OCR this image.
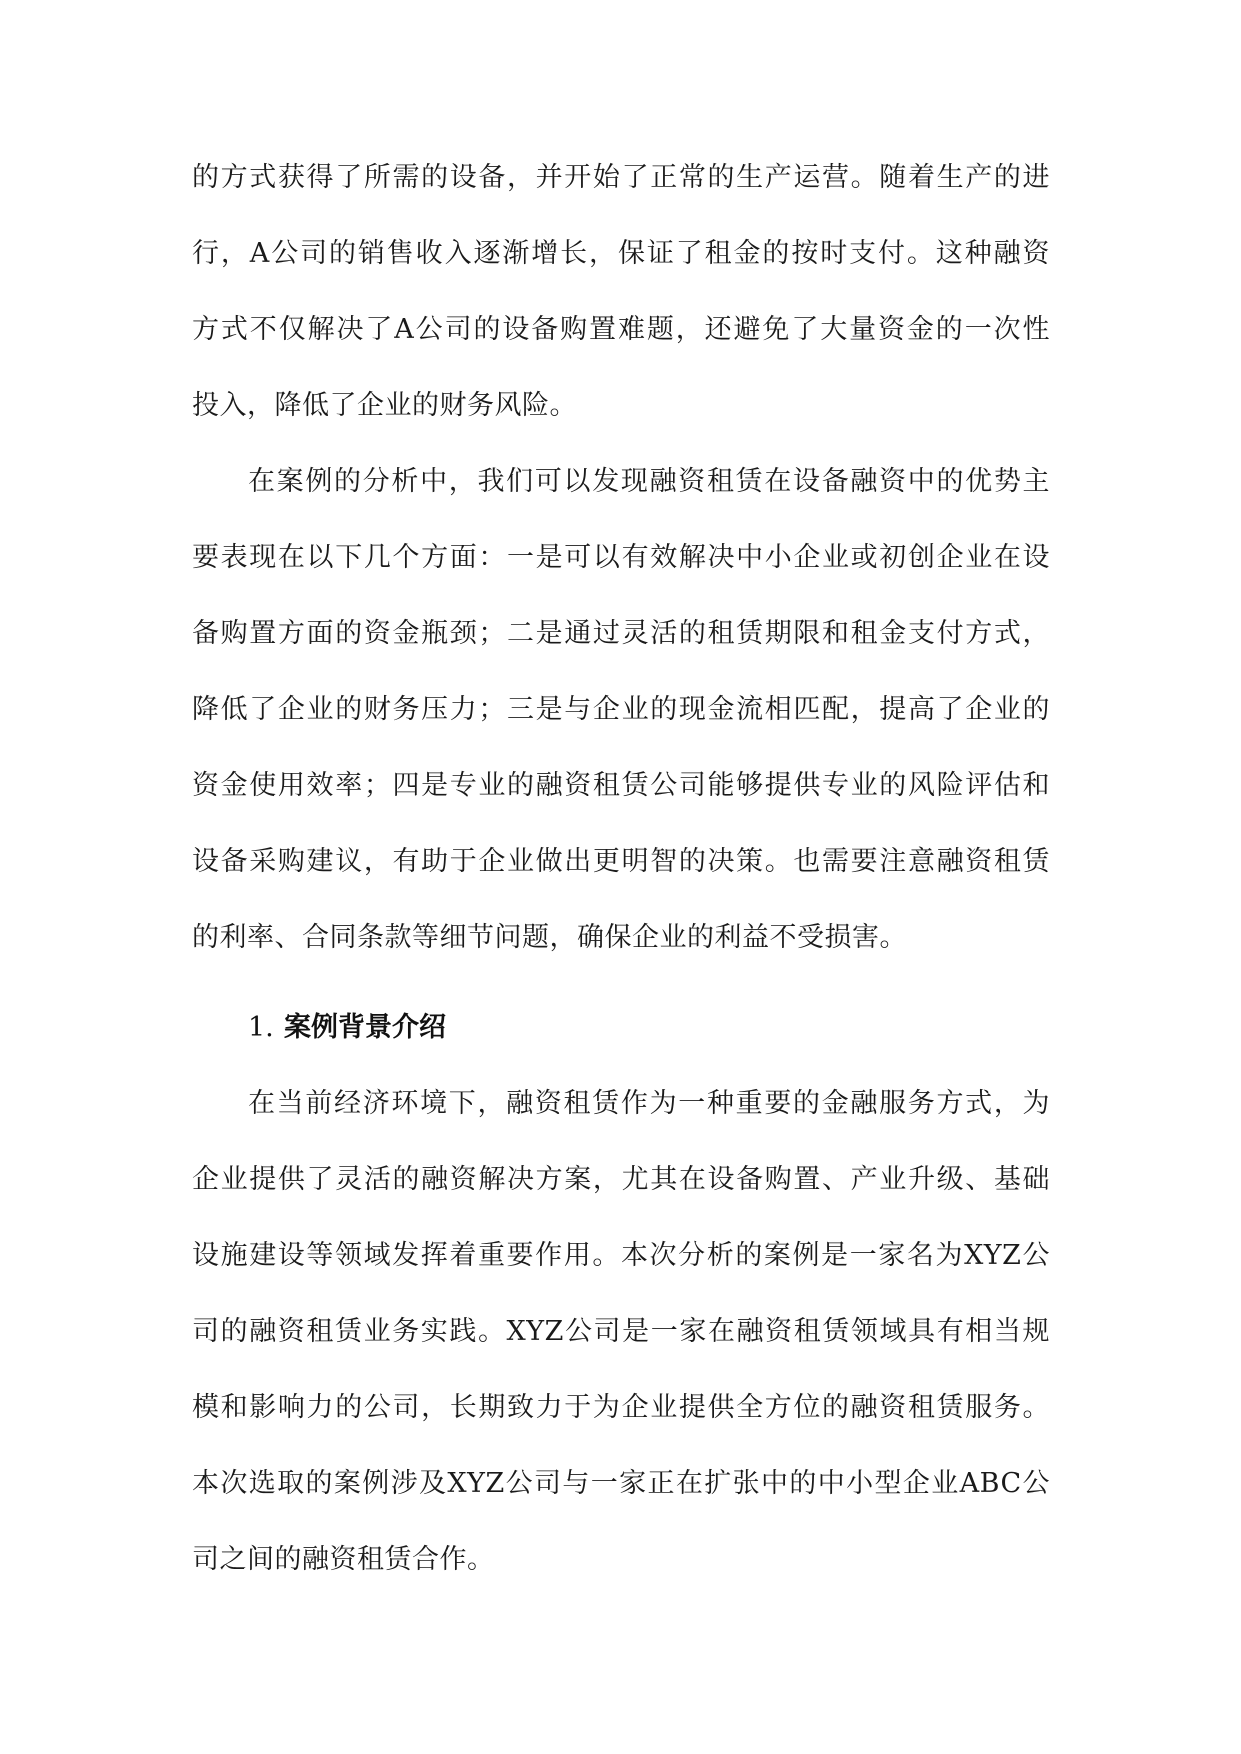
的方式获得了所需的设备，并开始了正常的生产运营。随着生产的进
行，A公司的销售收入逐渐增长，保证了租金的按时支付。这种融资
方式不仅解决了A公司的设备购置难题，还避免了大量资金的一次性
投入，降低了企业的财务风险。
在案例的分析中，我们可以发现融资租赁在设备融资中的优势主
要表现在以下几个方面：一是可以有效解决中小企业或初创企业在设
备购置方面的资金瓶颈；二是通过灵活的租赁期限和租金支付方式，
降低了企业的财务压力；三是与企业的现金流相匹配，提高了企业的
资金使用效率；四是专业的融资租赁公司能够提供专业的风险评估和
设备采购建议，有助于企业做出更明智的决策。也需要注意融资租赁
的利率、合同条款等细节问题，确保企业的利益不受损害。
1. 案例背景介绍
在当前经济环境下，融资租赁作为一种重要的金融服务方式，为
企业提供了灵活的融资解决方案，尤其在设备购置、产业升级、基础
设施建设等领域发挥着重要作用。本次分析的案例是一家名为XYZ公
司的融资租赁业务实践。XYZ公司是一家在融资租赁领域具有相当规
模和影响力的公司，长期致力于为企业提供全方位的融资租赁服务。
本次选取的案例涉及XYZ公司与一家正在扩张中的中小型企业ABC公
司之间的融资租赁合作。
